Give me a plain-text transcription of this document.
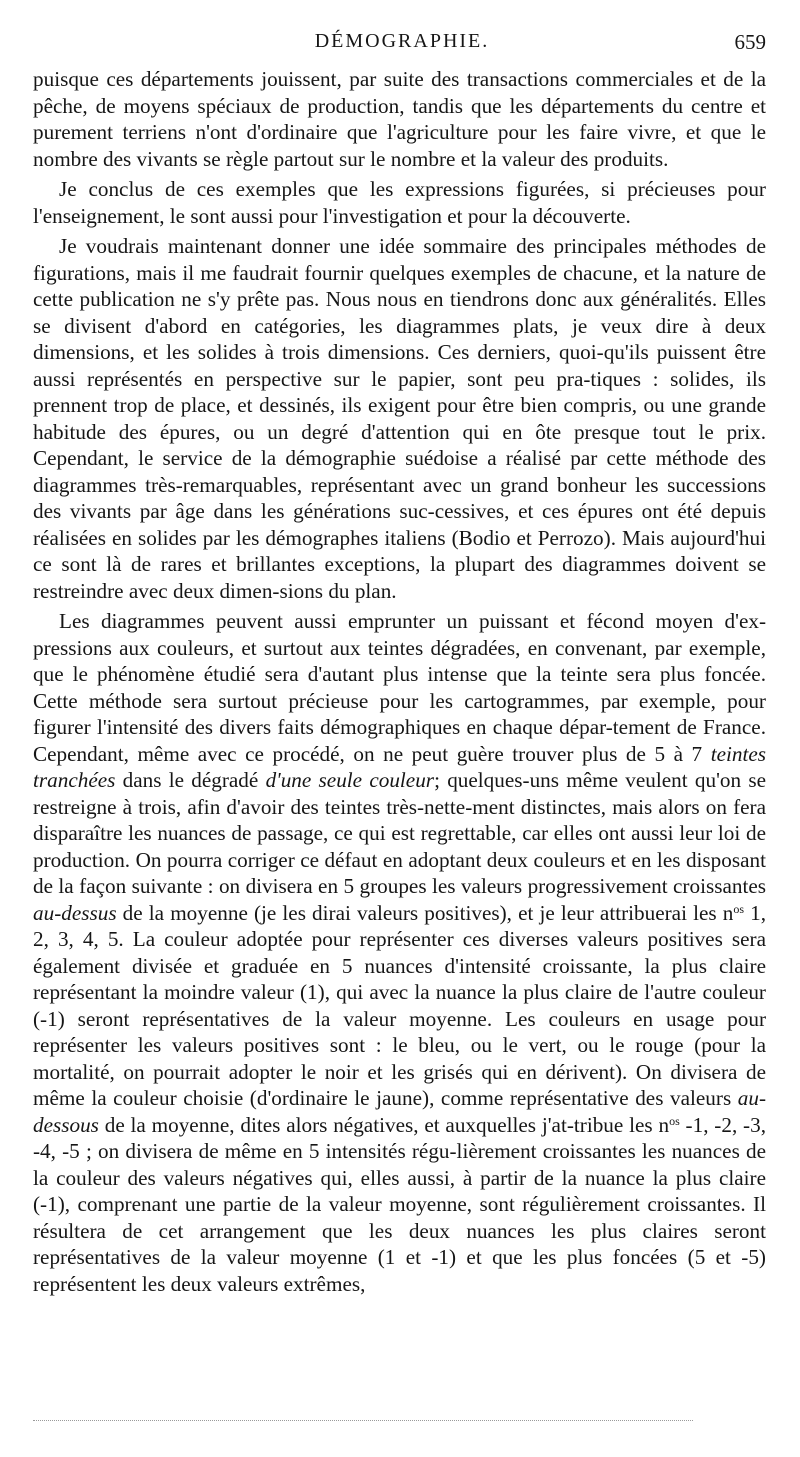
DÉMOGRAPHIE.	659

puisque ces départements jouissent, par suite des transactions commerciales et de la pêche, de moyens spéciaux de production, tandis que les départements du centre et purement terriens n'ont d'ordinaire que l'agriculture pour les faire vivre, et que le nombre des vivants se règle partout sur le nombre et la valeur des produits.

Je conclus de ces exemples que les expressions figurées, si précieuses pour l'enseignement, le sont aussi pour l'investigation et pour la découverte.

Je voudrais maintenant donner une idée sommaire des principales méthodes de figurations, mais il me faudrait fournir quelques exemples de chacune, et la nature de cette publication ne s'y prête pas. Nous nous en tiendrons donc aux généralités. Elles se divisent d'abord en catégories, les diagrammes plats, je veux dire à deux dimensions, et les solides à trois dimensions. Ces derniers, quoi-qu'ils puissent être aussi représentés en perspective sur le papier, sont peu pra-tiques : solides, ils prennent trop de place, et dessinés, ils exigent pour être bien compris, ou une grande habitude des épures, ou un degré d'attention qui en ôte presque tout le prix. Cependant, le service de la démographie suédoise a réalisé par cette méthode des diagrammes très-remarquables, représentant avec un grand bonheur les successions des vivants par âge dans les générations suc-cessives, et ces épures ont été depuis réalisées en solides par les démographes italiens (Bodio et Perrozo). Mais aujourd'hui ce sont là de rares et brillantes exceptions, la plupart des diagrammes doivent se restreindre avec deux dimen-sions du plan.

Les diagrammes peuvent aussi emprunter un puissant et fécond moyen d'ex-pressions aux couleurs, et surtout aux teintes dégradées, en convenant, par exemple, que le phénomène étudié sera d'autant plus intense que la teinte sera plus foncée. Cette méthode sera surtout précieuse pour les cartogrammes, par exemple, pour figurer l'intensité des divers faits démographiques en chaque dépar-tement de France. Cependant, même avec ce procédé, on ne peut guère trouver plus de 5 à 7 teintes tranchées dans le dégradé d'une seule couleur; quelques-uns même veulent qu'on se restreigne à trois, afin d'avoir des teintes très-nette-ment distinctes, mais alors on fera disparaître les nuances de passage, ce qui est regrettable, car elles ont aussi leur loi de production. On pourra corriger ce défaut en adoptant deux couleurs et en les disposant de la façon suivante : on divisera en 5 groupes les valeurs progressivement croissantes au-dessus de la moyenne (je les dirai valeurs positives), et je leur attribuerai les $n^{os}$ 1, 2, 3, 4, 5. La couleur adoptée pour représenter ces diverses valeurs positives sera également divisée et graduée en 5 nuances d'intensité croissante, la plus claire représentant la moindre valeur (1), qui avec la nuance la plus claire de l'autre couleur (-1) seront représentatives de la valeur moyenne. Les couleurs en usage pour représenter les valeurs positives sont : le bleu, ou le vert, ou le rouge (pour la mortalité, on pourrait adopter le noir et les grisés qui en dérivent). On divisera de même la couleur choisie (d'ordinaire le jaune), comme représentative des valeurs au-dessous de la moyenne, dites alors négatives, et auxquelles j'at-tribue les $n^{os}$ -1, -2, -3, -4, -5 ; on divisera de même en 5 intensités régu-lièrement croissantes les nuances de la couleur des valeurs négatives qui, elles aussi, à partir de la nuance la plus claire (-1), comprenant une partie de la valeur moyenne, sont régulièrement croissantes. Il résultera de cet arrangement que les deux nuances les plus claires seront représentatives de la valeur moyenne (1 et -1) et que les plus foncées (5 et -5) représentent les deux valeurs extrêmes,
